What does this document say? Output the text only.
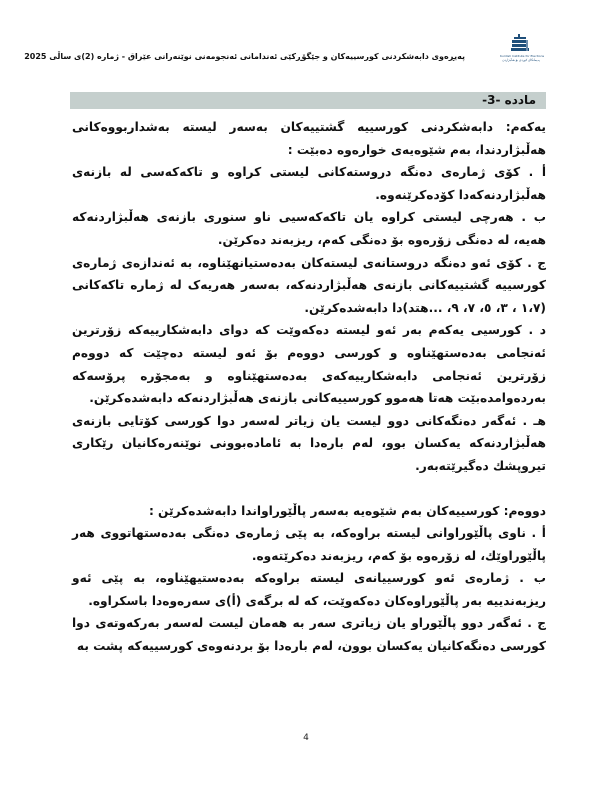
پەیڕەوی دابەشکردنی کورسییەکان و جێگۆڕکێی ئەندامانی ئەنجومەنی نوێنەرانی عێراق - ژمارە (2)ی ساڵی 2025	Kurdish Institute for Elections
پەیمانگای کوردی بۆ هەڵبژاردن
مادده -3-

یەکەم: دابەشکردنی کورسییە گشتییەکان بەسەر لیستە بەشداربووەکانی هەڵبژاردندا، بەم شێوەیەی خوارەوە دەبێت :

أ . کۆی ژمارەی دەنگە دروستەکانی لیستی کراوە و تاکەکەسی لە بازنەی هەڵبژاردنەکەدا کۆدەکرێنەوە.

ب . هەرچی لیستی کراوە یان تاکەکەسیی ناو سنوری بازنەی هەڵبژاردنەکە هەیە، لە دەنگی زۆرەوە بۆ دەنگی کەم، ریزبەند دەکرێن.

ج . کۆی ئەو دەنگە دروستانەی لیستەکان بەدەستیانهێناوە، بە ئەندازەی ژمارەی کورسییە گشتییەکانی بازنەی هەڵبژاردنەکە، بەسەر هەریەک لە ژمارە تاکەکانی (١،٧ ، ٣، ٥، ٧، ٩، ...هتد)دا دابەشدەکرێن.

د . کورسیی یەکەم بەر ئەو لیستە دەکەوێت کە دوای دابەشکارییەکە زۆرترین ئەنجامی بەدەستهێناوە و کورسی دووەم بۆ ئەو لیستە دەچێت کە دووەم زۆرترین ئەنجامی دابەشکارییەکەی بەدەستهێناوە و بەمجۆرە پرۆسەکە بەردەوامدەبێت هەتا هەموو کورسییەکانی بازنەی هەڵبژاردنەکە دابەشدەکرێن.

هـ . ئەگەر دەنگەکانی دوو لیست یان زیاتر لەسەر دوا کورسی کۆتایی بازنەی هەڵبژاردنەکە یەکسان بوو، لەم بارەدا بە ئامادەبوونی نوێنەرەکانیان رێکاری تیروپشك دەگیرێتەبەر.

دووەم: کورسییەکان بەم شێوەیە بەسەر پاڵێوراواندا دابەشدەکرێن :

أ . ناوی پاڵێوراوانی لیستە براوەکە، بە پێی ژمارەی دەنگی بەدەستهاتووی هەر پاڵێوراوێك، لە زۆرەوە بۆ کەم، ریزبەند دەکرێتەوە.

ب . ژمارەی ئەو کورسییانەی لیستە براوەکە بەدەستیهێناوە، بە پێی ئەو ریزبەندییە بەر پاڵێوراوەکان دەکەوێت، کە لە برگەی (أ)ی سەرەوەدا باسکراوە.

ج . ئەگەر دوو پاڵێوراو یان زیاتری سەر بە هەمان لیست لەسەر بەرکەوتەی دوا کورسی دەنگەکانیان یەکسان بوون، لەم بارەدا بۆ بردنەوەی کورسییەکە پشت بە

4
